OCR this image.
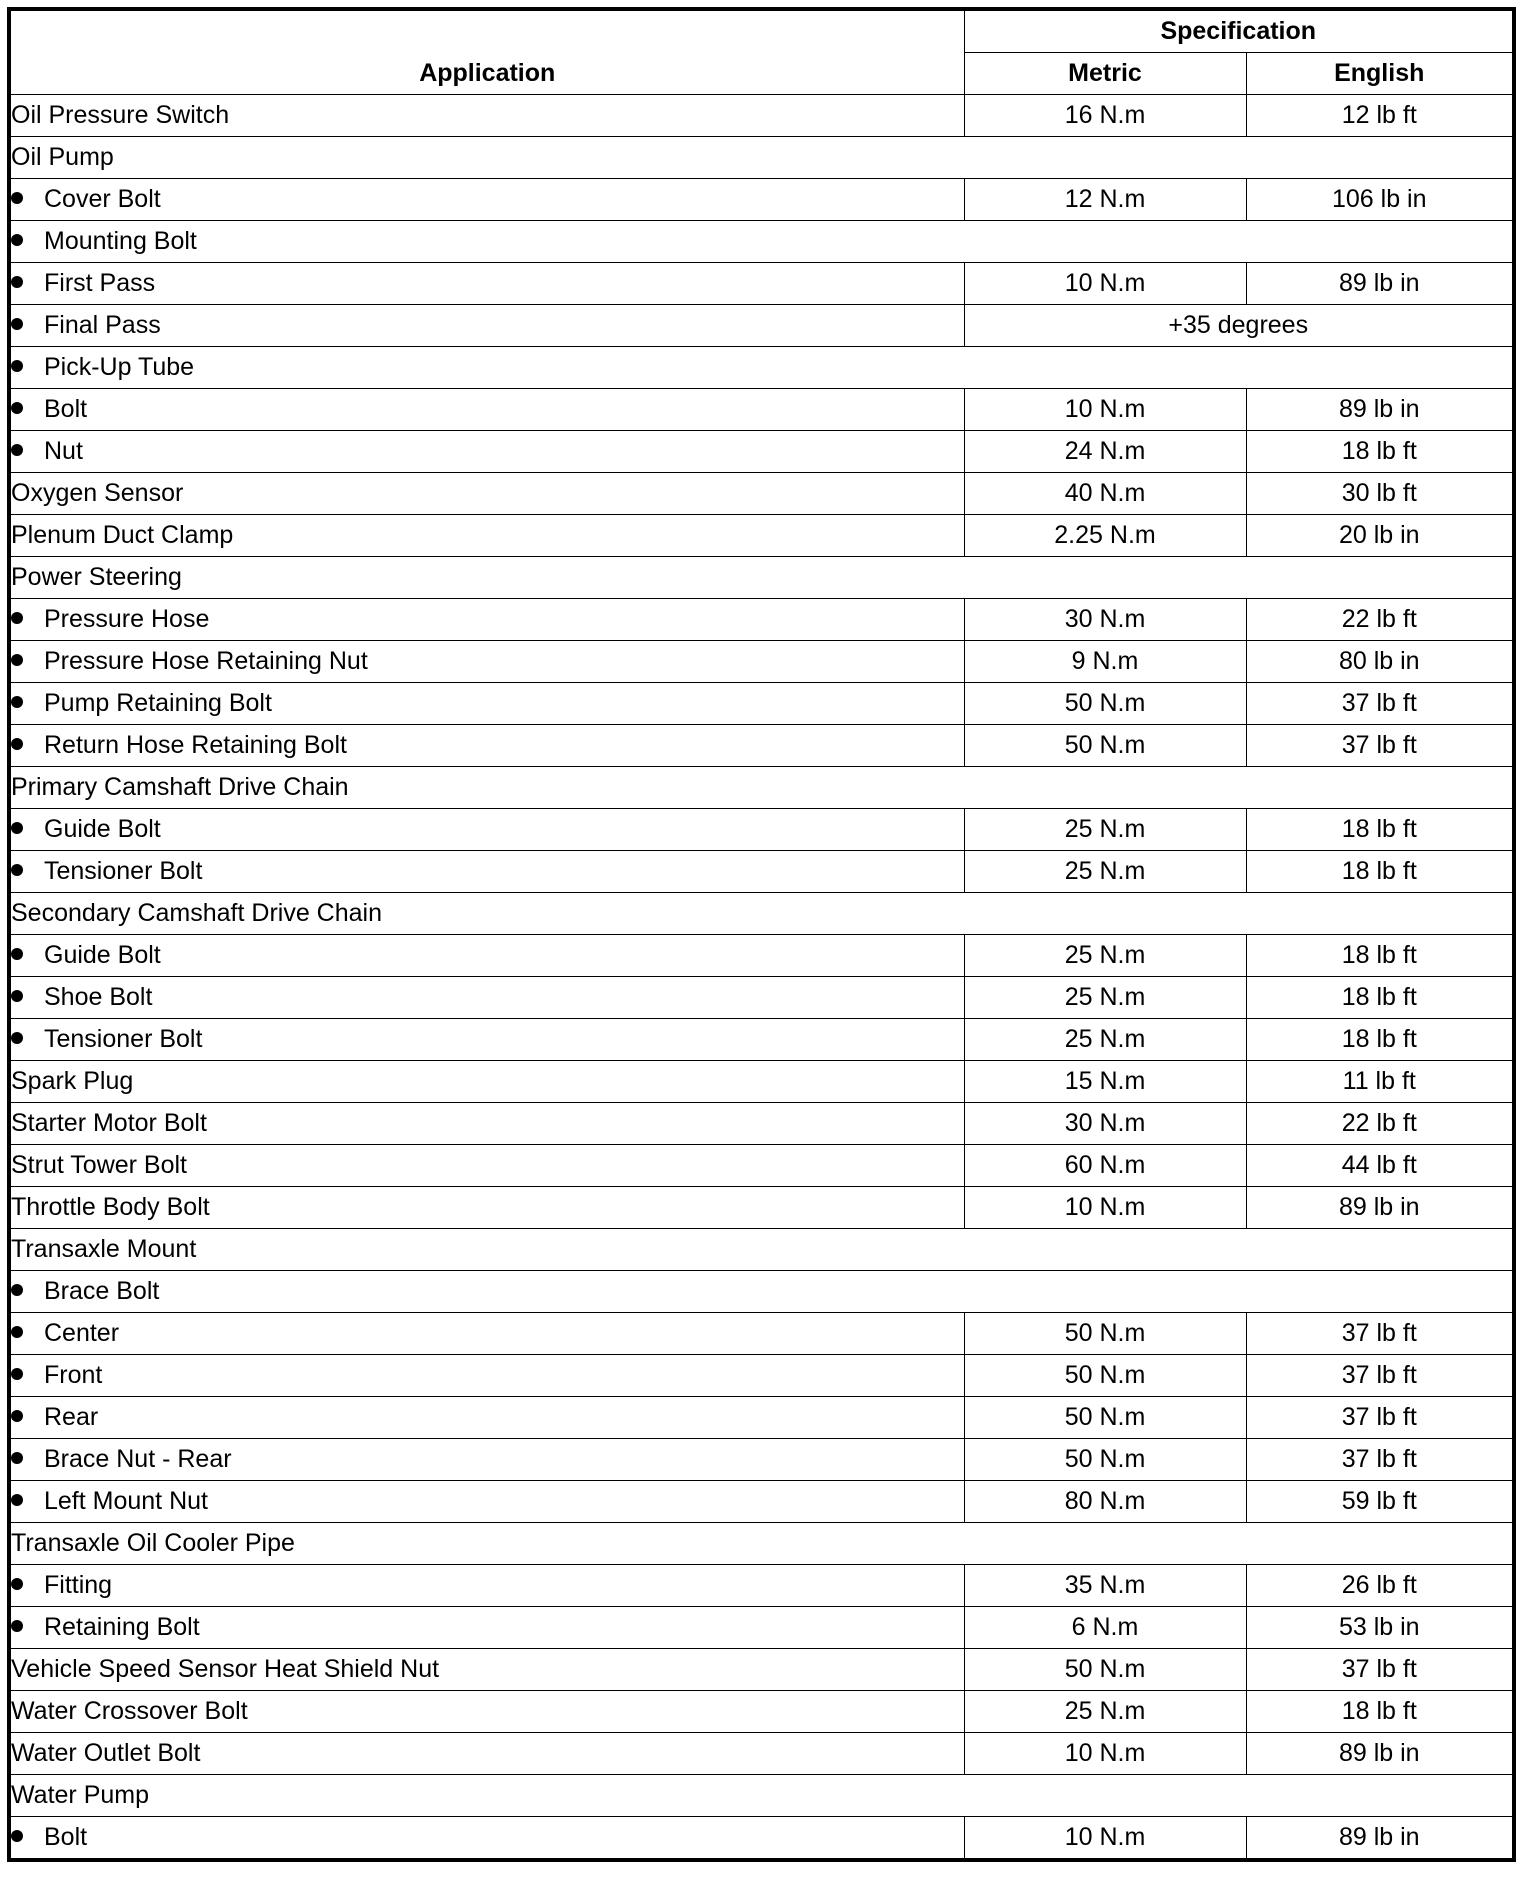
Application	Specification	
	Metric	English
Oil Pressure Switch	16 N.m	12 lb ft
Oil Pump		
Cover Bolt	12 N.m	106 lb in
Mounting Bolt		
First Pass	10 N.m	89 lb in
Final Pass	+35 degrees	
Pick-Up Tube		
Bolt	10 N.m	89 lb in
Nut	24 N.m	18 lb ft
Oxygen Sensor	40 N.m	30 lb ft
Plenum Duct Clamp	2.25 N.m	20 lb in
Power Steering		
Pressure Hose	30 N.m	22 lb ft
Pressure Hose Retaining Nut	9 N.m	80 lb in
Pump Retaining Bolt	50 N.m	37 lb ft
Return Hose Retaining Bolt	50 N.m	37 lb ft
Primary Camshaft Drive Chain		
Guide Bolt	25 N.m	18 lb ft
Tensioner Bolt	25 N.m	18 lb ft
Secondary Camshaft Drive Chain		
Guide Bolt	25 N.m	18 lb ft
Shoe Bolt	25 N.m	18 lb ft
Tensioner Bolt	25 N.m	18 lb ft
Spark Plug	15 N.m	11 lb ft
Starter Motor Bolt	30 N.m	22 lb ft
Strut Tower Bolt	60 N.m	44 lb ft
Throttle Body Bolt	10 N.m	89 lb in
Transaxle Mount		
Brace Bolt		
Center	50 N.m	37 lb ft
Front	50 N.m	37 lb ft
Rear	50 N.m	37 lb ft
Brace Nut - Rear	50 N.m	37 lb ft
Left Mount Nut	80 N.m	59 lb ft
Transaxle Oil Cooler Pipe		
Fitting	35 N.m	26 lb ft
Retaining Bolt	6 N.m	53 lb in
Vehicle Speed Sensor Heat Shield Nut	50 N.m	37 lb ft
Water Crossover Bolt	25 N.m	18 lb ft
Water Outlet Bolt	10 N.m	89 lb in
Water Pump		
Bolt	10 N.m	89 lb in
